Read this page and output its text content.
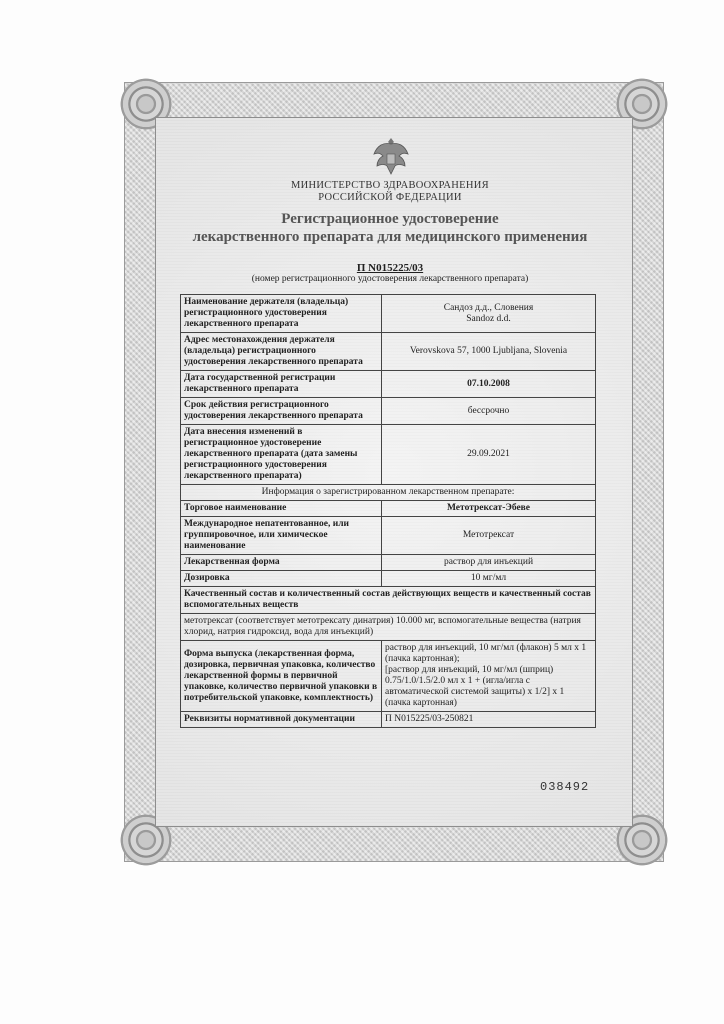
МИНИСТЕРСТВО ЗДРАВООХРАНЕНИЯ
РОССИЙСКОЙ ФЕДЕРАЦИИ
Регистрационное удостоверение
лекарственного препарата для медицинского применения
П N015225/03
(номер регистрационного удостоверения лекарственного препарата)
Наименование держателя (владельца) регистрационного удостоверения лекарственного препарата	Сандоз д.д., Словения
Sandoz d.d.

Адрес местонахождения держателя (владельца) регистрационного удостоверения лекарственного препарата	Verovskova 57, 1000 Ljubljana, Slovenia
Дата государственной регистрации лекарственного препарата	07.10.2008
Срок действия регистрационного удостоверения лекарственного препарата	бессрочно
Дата внесения изменений в регистрационное удостоверение лекарственного препарата (дата замены регистрационного удостоверения лекарственного препарата)	29.09.2021
Информация о зарегистрированном лекарственном препарате:	
Торговое наименование	Метотрексат-Эбеве
Международное непатентованное, или группировочное, или химическое наименование	Метотрексат
Лекарственная форма	раствор для инъекций
Дозировка	10 мг/мл
Качественный состав и количественный состав действующих веществ и качественный состав вспомогательных веществ	
метотрексат (соответствует метотрексату динатрия) 10.000 мг, вспомогательные вещества (натрия хлорид, натрия гидроксид, вода для инъекций)	
Форма выпуска (лекарственная форма, дозировка, первичная упаковка, количество лекарственной формы в первичной упаковке, количество первичной упаковки в потребительской упаковке, комплектность)	раствор для инъекций, 10 мг/мл (флакон) 5 мл х 1 (пачка картонная);
[раствор для инъекций, 10 мг/мл (шприц) 0.75/1.0/1.5/2.0 мл х 1 + (игла/игла с автоматической системой защиты) х 1/2] х 1 (пачка картонная)

Реквизиты нормативной документации	П N015225/03-250821
038492
